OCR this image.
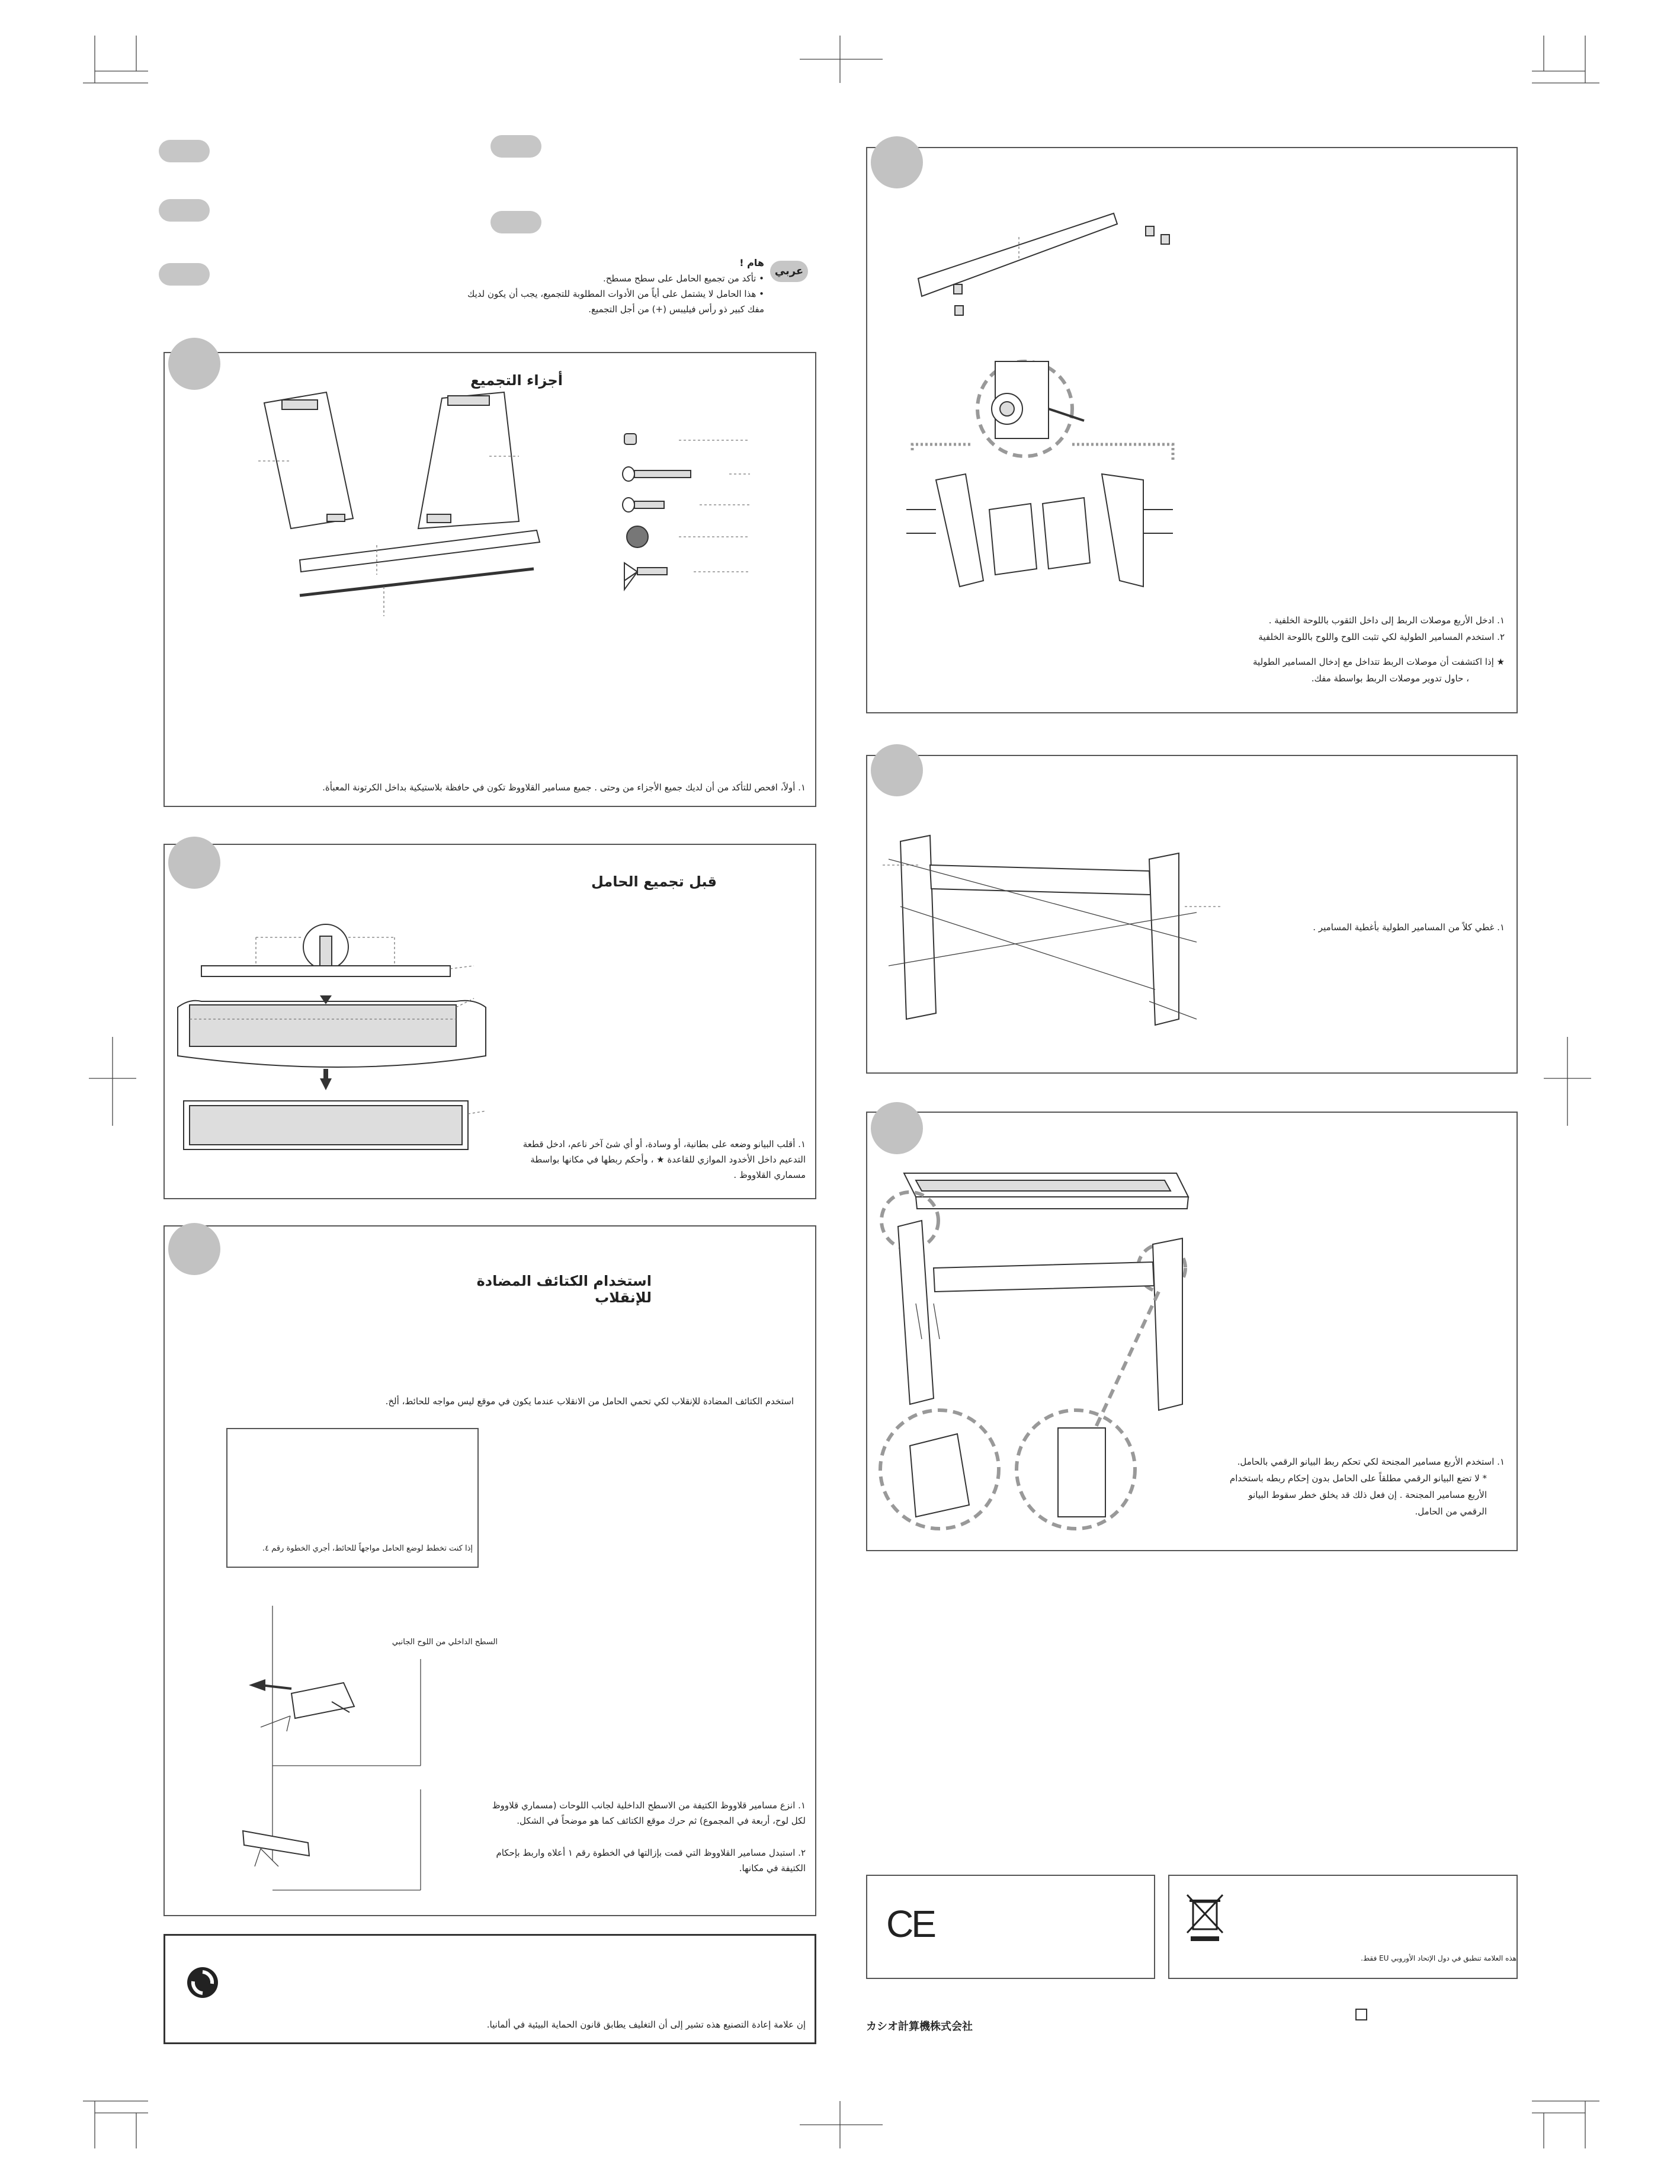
عربي
هام !
• تأكد من تجميع الحامل على سطح مسطح.
• هذا الحامل لا يشتمل على أياً من الأدوات المطلوبة للتجميع، يجب أن يكون لديك مفك كبير ذو رأس فيليبس (+) من أجل التجميع.
أجزاء التجميع
١. أولاً، افحص للتأكد من أن لديك جميع الأجزاء من وحتى . جميع مسامير القلاووظ تكون في حافظة بلاستيكية بداخل الكرتونة المعبأة.
قبل تجميع الحامل
١. أقلب البيانو وضعه على بطانية، أو وسادة، أو أي شئ آخر ناعم، ادخل قطعة التدعيم داخل الأخدود الموازي للقاعدة ★ ، وأحكم ربطها في مكانها بواسطة مسماري القلاووظ .
استخدام الكتائف المضادة للإنقلاب
استخدم الكتائف المضادة للإنقلاب لكي تحمي الحامل من الانقلاب عندما يكون في موقع ليس مواجه للحائط، ألخ.
إذا كنت تخطط لوضع الحامل مواجهاً للحائط، أجري الخطوة رقم ٤.
السطح الداخلي من اللوح الجانبي
١. انزع مسامير قلاووظ الكتيفة من الاسطح الداخلية لجانب اللوحات (مسماري قلاووظ لكل لوح، أربعة في المجموع) ثم حرك موقع الكتائف كما هو موضحاً في الشكل.
٢. استبدل مسامير القلاووظ التي قمت بإزالتها في الخطوة رقم ١ أعلاه واربط بإحكام الكتيفة في مكانها.
إن علامة إعادة التصنيع هذه تشير إلى أن التغليف يطابق قانون الحماية البيئية في ألمانيا.
١. ادخل الأربع موصلات الربط إلى داخل الثقوب باللوحة الخلفية .
٢. استخدم المسامير الطولية لكي تثبت اللوح واللوح باللوحة الخلفية
★ إذا اكتشفت أن موصلات الربط تتداخل مع إدخال المسامير الطولية
، حاول تدوير موصلات الربط بواسطة مفك.
١. غطي كلاً من المسامير الطولية بأغطية المسامير .
١. استخدم الأربع مسامير المجنحة لكي تحكم ربط البيانو الرقمي بالحامل.
* لا تضع البيانو الرقمي مطلقاً على الحامل بدون إحكام ربطه باستخدام
الأربع مسامير المجنحة . إن فعل ذلك قد يخلق خطر سقوط البيانو
الرقمي من الحامل.
CE
هذه العلامة تنطبق في دول الإتحاد الأوروبي EU فقط.
カシオ計算機株式会社
